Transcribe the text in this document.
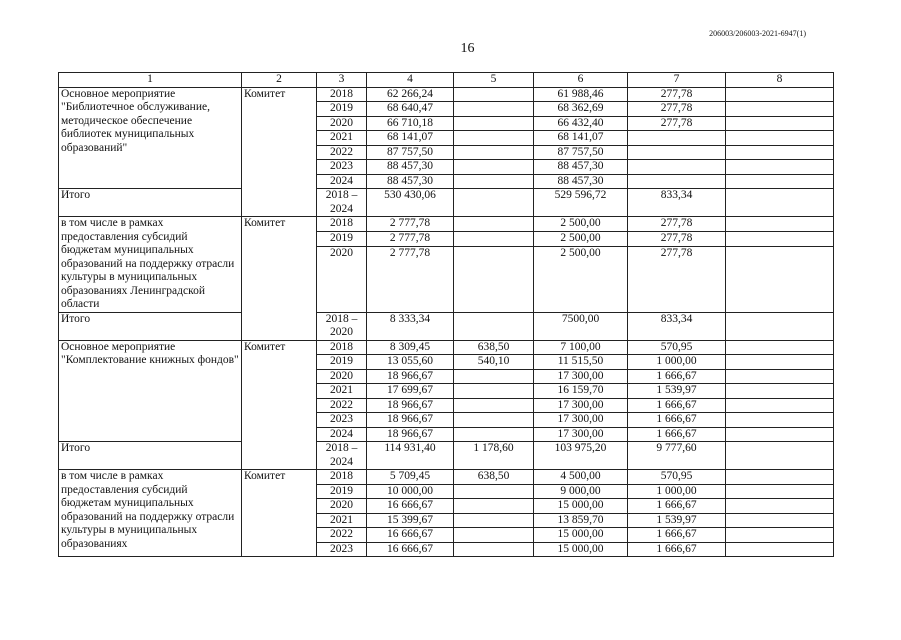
206003/206003-2021-6947(1)
16
1	2	3	4	5	6	7	8
Основное мероприятие "Библиотечное обслуживание, методическое обеспечение библиотек муниципальных образований"	Комитет	2018	62 266,24		61 988,46	277,78	
		2019	68 640,47		68 362,69	277,78	
		2020	66 710,18		66 432,40	277,78	
		2021	68 141,07		68 141,07		
		2022	87 757,50		87 757,50		
		2023	88 457,30		88 457,30		
		2024	88 457,30		88 457,30		
Итого		2018 – 2024	530 430,06		529 596,72	833,34	
в том числе в рамках предоставления субсидий бюджетам муниципальных образований на поддержку отрасли культуры в муниципальных образованиях Ленинградской области	Комитет	2018	2 777,78		2 500,00	277,78	
		2019	2 777,78		2 500,00	277,78	
		2020	2 777,78		2 500,00	277,78	
Итого		2018 – 2020	8 333,34		7500,00	833,34	
Основное мероприятие "Комплектование книжных фондов"	Комитет	2018	8 309,45	638,50	7 100,00	570,95	
		2019	13 055,60	540,10	11 515,50	1 000,00	
		2020	18 966,67		17 300,00	1 666,67	
		2021	17 699,67		16 159,70	1 539,97	
		2022	18 966,67		17 300,00	1 666,67	
		2023	18 966,67		17 300,00	1 666,67	
		2024	18 966,67		17 300,00	1 666,67	
Итого		2018 – 2024	114 931,40	1 178,60	103 975,20	9 777,60	
в том числе в рамках предоставления субсидий бюджетам муниципальных образований на поддержку отрасли культуры в муниципальных образованиях	Комитет	2018	5 709,45	638,50	4 500,00	570,95	
		2019	10 000,00		9 000,00	1 000,00	
		2020	16 666,67		15 000,00	1 666,67	
		2021	15 399,67		13 859,70	1 539,97	
		2022	16 666,67		15 000,00	1 666,67	
		2023	16 666,67		15 000,00	1 666,67	
